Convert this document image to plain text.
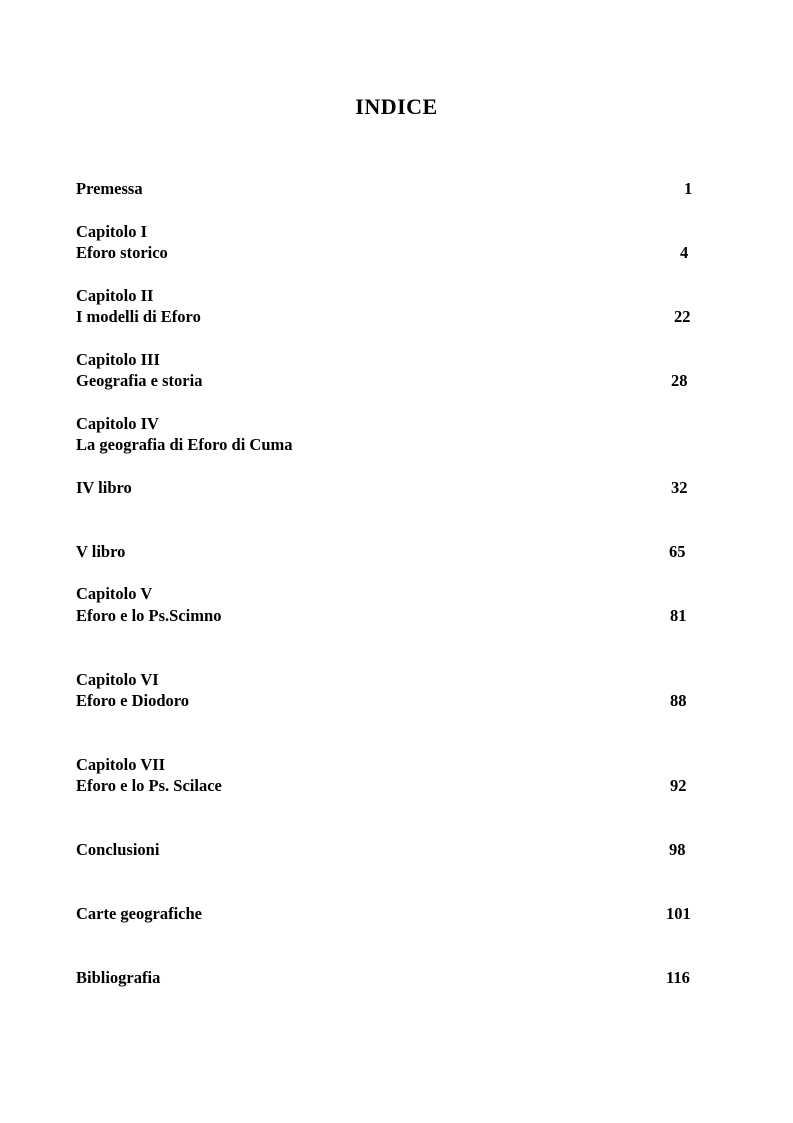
INDICE
Premessa	1
Capitolo I
Eforo storico	4
Capitolo II
I modelli di Eforo	22
Capitolo III
Geografia e storia	28
Capitolo IV
La geografia di Eforo di Cuma
IV libro	32
V libro	65
Capitolo V
Eforo e lo Ps.Scimno	81
Capitolo VI
Eforo e Diodoro	88
Capitolo VII
Eforo e lo Ps. Scilace	92
Conclusioni	98
Carte geografiche	101
Bibliografia	116
